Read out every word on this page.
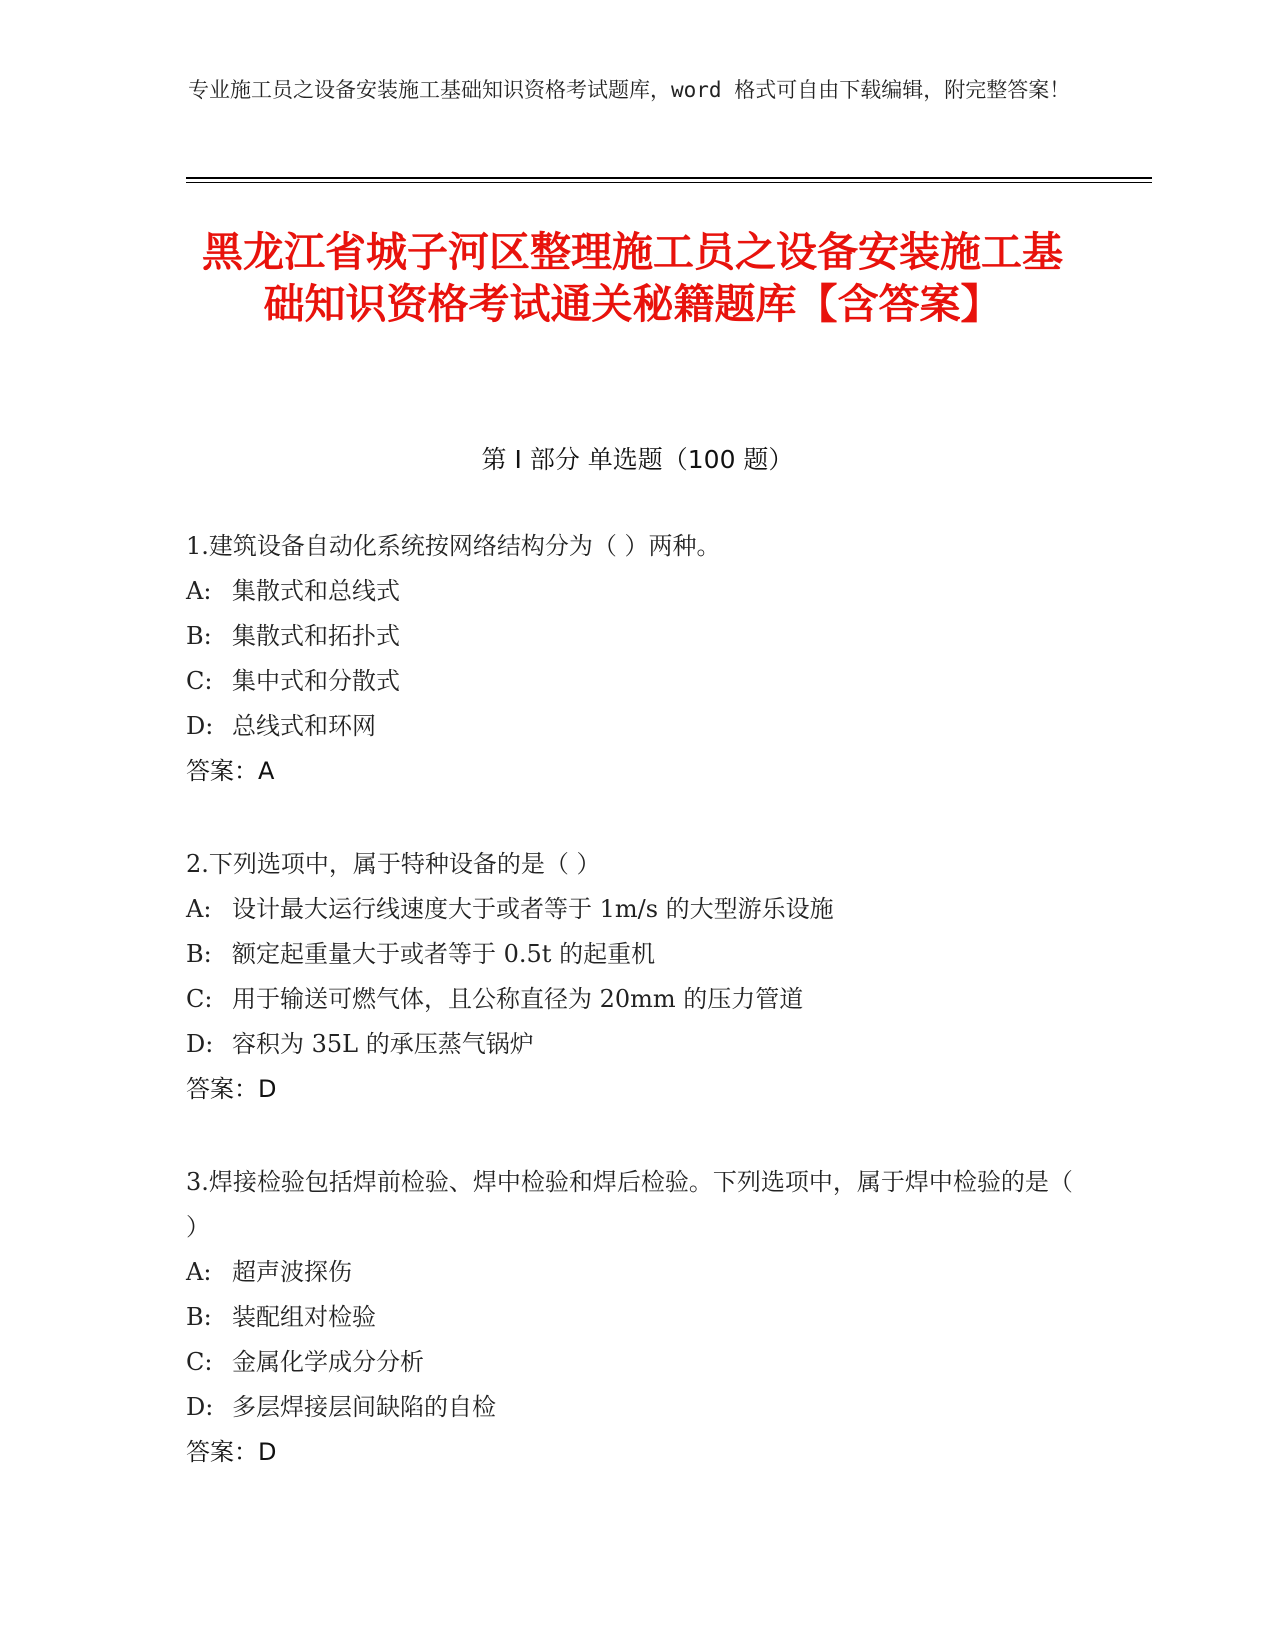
专业施工员之设备安装施工基础知识资格考试题库，word 格式可自由下载编辑，附完整答案！
黑龙江省城子河区整理施工员之设备安装施工基础知识资格考试通关秘籍题库【含答案】
第 I 部分 单选题（100 题）
1.建筑设备自动化系统按网络结构分为（ ）两种。
A: 集散式和总线式
B: 集散式和拓扑式
C: 集中式和分散式
D: 总线式和环网
答案：A
2.下列选项中，属于特种设备的是（ ）
A: 设计最大运行线速度大于或者等于 1m/s 的大型游乐设施
B: 额定起重量大于或者等于 0.5t 的起重机
C: 用于输送可燃气体，且公称直径为 20mm 的压力管道
D: 容积为 35L 的承压蒸气锅炉
答案：D
3.焊接检验包括焊前检验、焊中检验和焊后检验。下列选项中，属于焊中检验的是（ ）
A: 超声波探伤
B: 装配组对检验
C: 金属化学成分分析
D: 多层焊接层间缺陷的自检
答案：D
